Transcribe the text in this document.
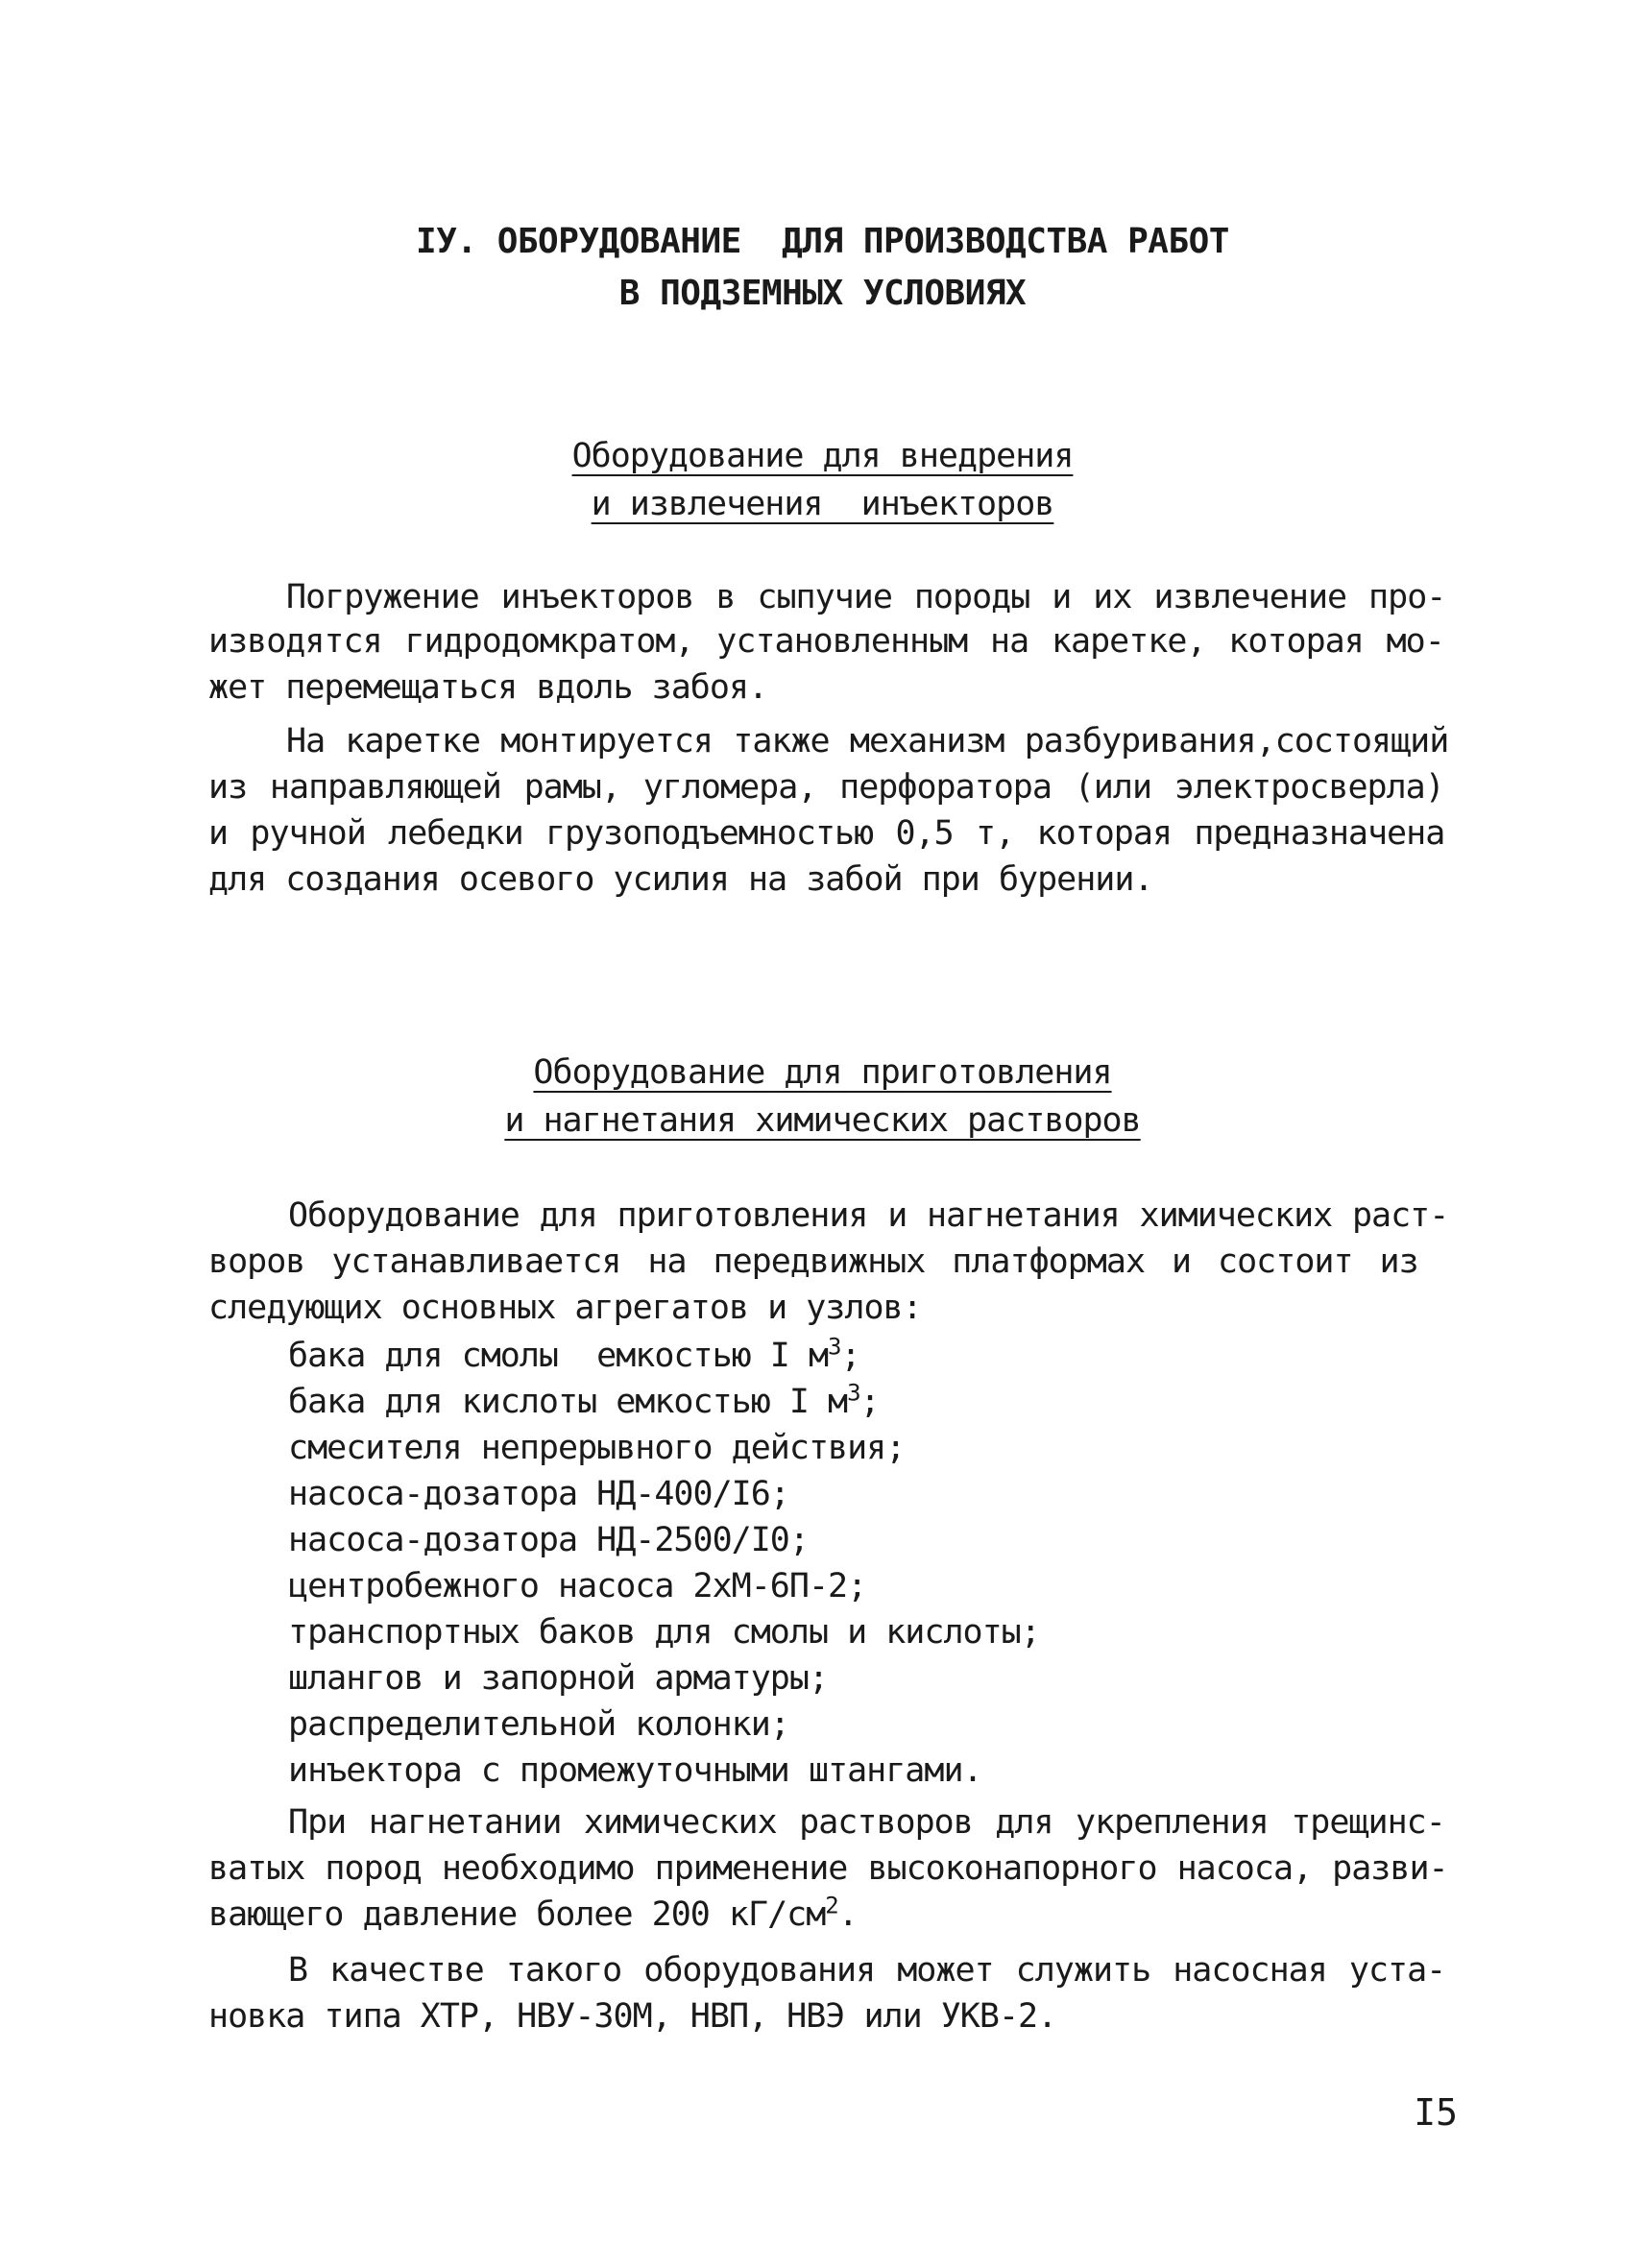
IУ. ОБОРУДОВАНИЕ  ДЛЯ ПРОИЗВОДСТВА РАБОТ
В ПОДЗЕМНЫХ УСЛОВИЯХ
Оборудование для внедрения
и извлечения  инъекторов
Погружение инъекторов в сыпучие породы и их извлечение про-
изводятся гидродомкратом, установленным на каретке, которая мо-
жет перемещаться вдоль забоя.
На каретке монтируется также механизм разбуривания,состоящий
из направляющей рамы, угломера, перфоратора (или электросверла)
и ручной лебедки грузоподъемностью 0,5 т, которая предназначена
для создания осевого усилия на забой при бурении.
Оборудование для приготовления
и нагнетания химических растворов
Оборудование для приготовления и нагнетания химических раст-
воров устанавливается на передвижных платформах и состоит из
следующих основных агрегатов и узлов:
бака для смолы  емкостью I $м^3$;
бака для кислоты емкостью I $м^3$;
смесителя непрерывного действия;
насоса-дозатора НД-400/I6;
насоса-дозатора НД-2500/I0;
центробежного насоса 2хМ-6П-2;
транспортных баков для смолы и кислоты;
шлангов и запорной арматуры;
распределительной колонки;
инъектора с промежуточными штангами.
При нагнетании химических растворов для укрепления трещинс-
ватых пород необходимо применение высоконапорного насоса, разви-
вающего давление более 200 $кГ/см^2$.
В качестве такого оборудования может служить насосная уста-
новка типа ХТР, НВУ-30М, НВП, НВЭ или УКВ-2.
I5
